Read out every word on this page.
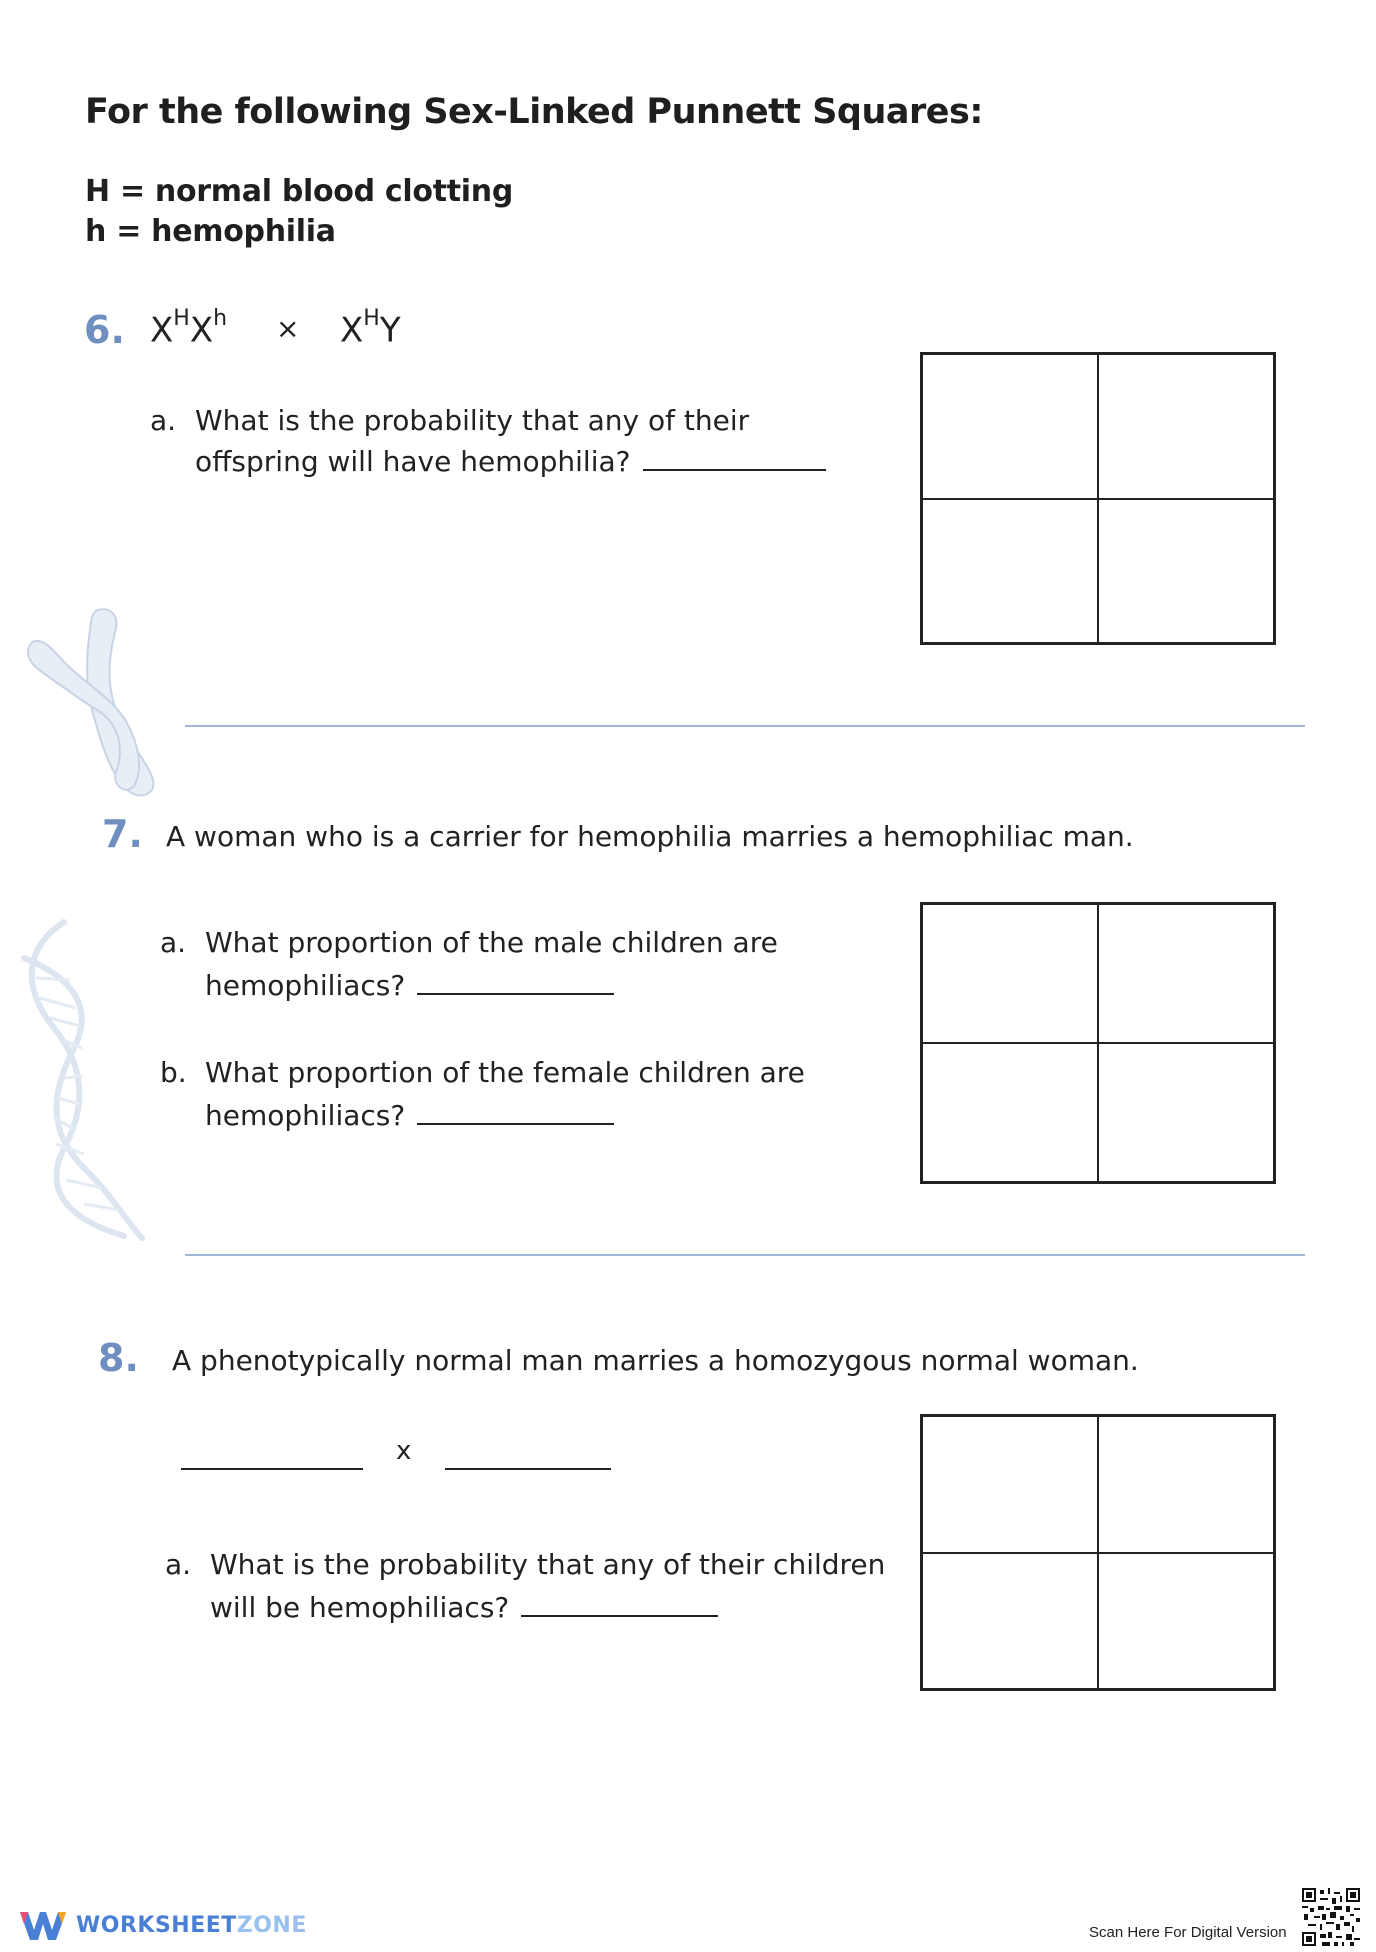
For the following Sex-Linked Punnett Squares:
H = normal blood clotting
h = hemophilia
6. $X^HX^h \times X^HY$
a. What is the probability that any of their
offspring will have hemophilia?
7. A woman who is a carrier for hemophilia marries a hemophiliac man.
a. What proportion of the male children are
hemophiliacs?
b. What proportion of the female children are
hemophiliacs?
8. A phenotypically normal man marries a homozygous normal woman.
x
a. What is the probability that any of their children
will be hemophiliacs?
WORKSHEETZONE	Scan Here For Digital Version
